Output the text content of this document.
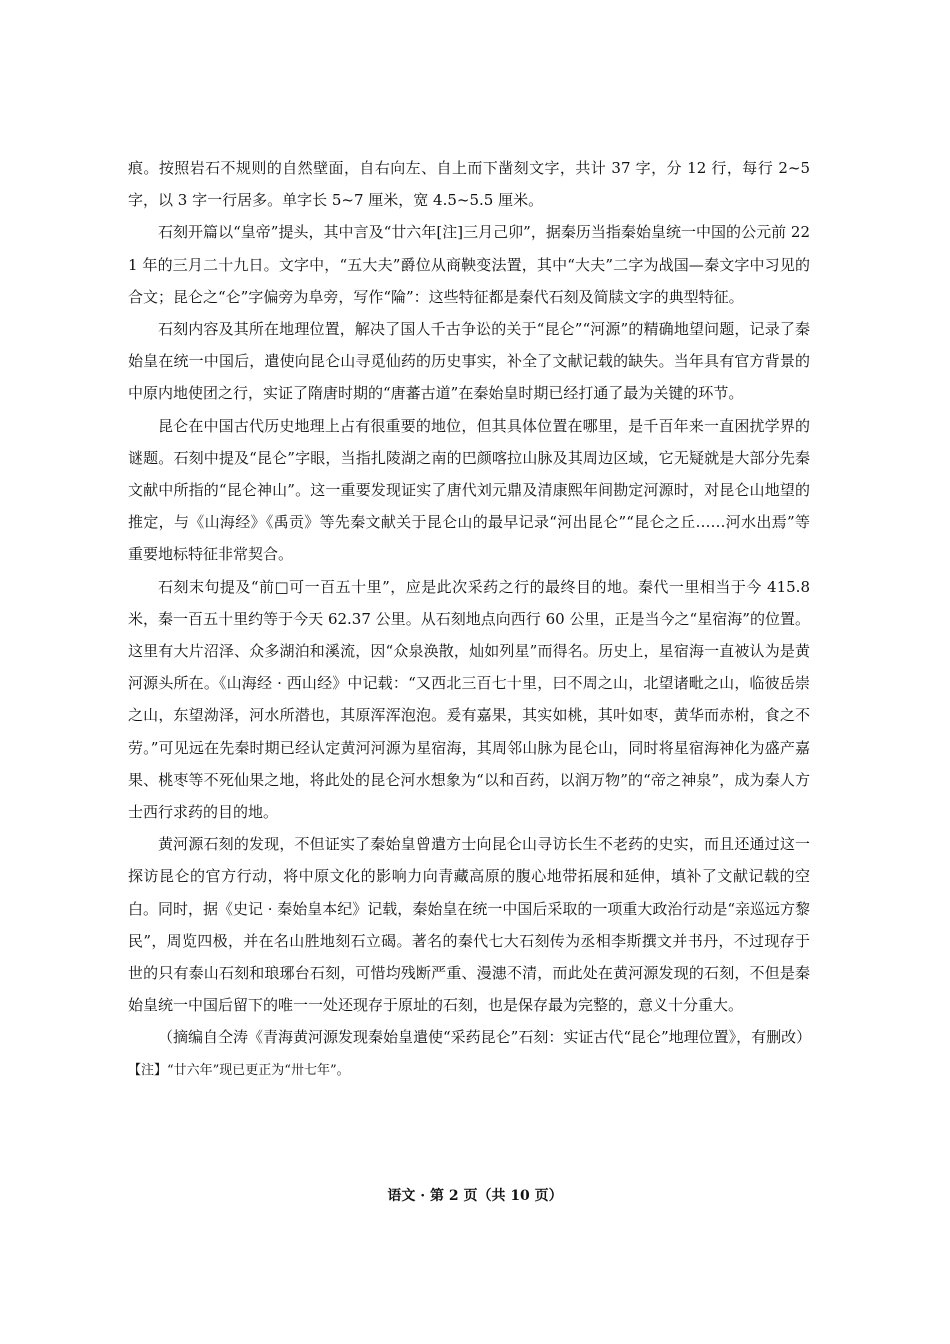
痕。按照岩石不规则的自然壁面，自右向左、自上而下凿刻文字，共计 37 字，分 12 行，每行 2~5 字，以 3 字一行居多。单字长 5~7 厘米，宽 4.5~5.5 厘米。

石刻开篇以“皇帝”提头，其中言及“廿六年[注]三月己卯”，据秦历当指秦始皇统一中国的公元前 221 年的三月二十九日。文字中，“五大夫”爵位从商鞅变法置，其中“大夫”二字为战国—秦文字中习见的合文；昆仑之“仑”字偏旁为阜旁，写作“陯”：这些特征都是秦代石刻及简牍文字的典型特征。

石刻内容及其所在地理位置，解决了国人千古争讼的关于“昆仑”“河源”的精确地望问题，记录了秦始皇在统一中国后，遣使向昆仑山寻觅仙药的历史事实，补全了文献记载的缺失。当年具有官方背景的中原内地使团之行，实证了隋唐时期的“唐蕃古道”在秦始皇时期已经打通了最为关键的环节。

昆仑在中国古代历史地理上占有很重要的地位，但其具体位置在哪里，是千百年来一直困扰学界的谜题。石刻中提及“昆仑”字眼，当指扎陵湖之南的巴颜喀拉山脉及其周边区域，它无疑就是大部分先秦文献中所指的“昆仑神山”。这一重要发现证实了唐代刘元鼎及清康熙年间勘定河源时，对昆仑山地望的推定，与《山海经》《禹贡》等先秦文献关于昆仑山的最早记录“河出昆仑”“昆仑之丘……河水出焉”等重要地标特征非常契合。

石刻末句提及“前□可一百五十里”，应是此次采药之行的最终目的地。秦代一里相当于今 415.8 米，秦一百五十里约等于今天 62.37 公里。从石刻地点向西行 60 公里，正是当今之“星宿海”的位置。这里有大片沼泽、众多湖泊和溪流，因“众泉涣散，灿如列星”而得名。历史上，星宿海一直被认为是黄河源头所在。《山海经 · 西山经》中记载：“又西北三百七十里，曰不周之山，北望诸毗之山，临彼岳崇之山，东望泑泽，河水所潜也，其原浑浑泡泡。爰有嘉果，其实如桃，其叶如枣，黄华而赤柎，食之不劳。”可见远在先秦时期已经认定黄河河源为星宿海，其周邻山脉为昆仑山，同时将星宿海神化为盛产嘉果、桃枣等不死仙果之地，将此处的昆仑河水想象为“以和百药，以润万物”的“帝之神泉”，成为秦人方士西行求药的目的地。

黄河源石刻的发现，不但证实了秦始皇曾遣方士向昆仑山寻访长生不老药的史实，而且还通过这一探访昆仑的官方行动，将中原文化的影响力向青藏高原的腹心地带拓展和延伸，填补了文献记载的空白。同时，据《史记 · 秦始皇本纪》记载，秦始皇在统一中国后采取的一项重大政治行动是“亲巡远方黎民”，周览四极，并在名山胜地刻石立碣。著名的秦代七大石刻传为丞相李斯撰文并书丹，不过现存于世的只有泰山石刻和琅琊台石刻，可惜均残断严重、漫漶不清，而此处在黄河源发现的石刻，不但是秦始皇统一中国后留下的唯一一处还现存于原址的石刻，也是保存最为完整的，意义十分重大。

（摘编自仝涛《青海黄河源发现秦始皇遣使“采药昆仑”石刻：实证古代“昆仑”地理位置》，有删改）

【注】“廿六年”现已更正为“卅七年”。

语文 · 第 2 页（共 10 页）
